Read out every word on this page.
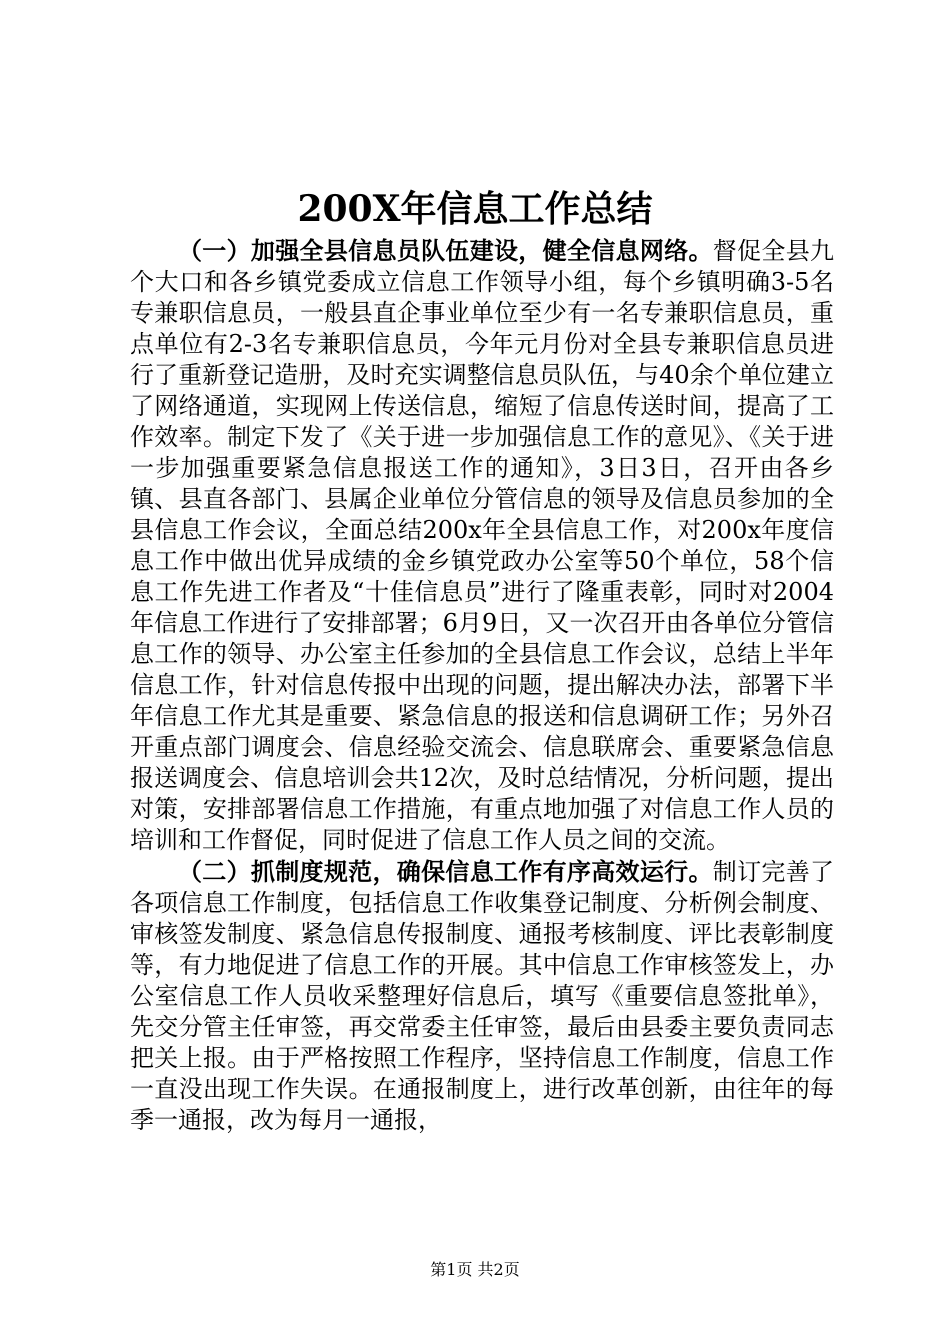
200X年信息工作总结

（一）加强全县信息员队伍建设，健全信息网络。督促全县九个大口和各乡镇党委成立信息工作领导小组，每个乡镇明确3-5名专兼职信息员，一般县直企事业单位至少有一名专兼职信息员，重点单位有2-3名专兼职信息员，今年元月份对全县专兼职信息员进行了重新登记造册，及时充实调整信息员队伍，与40余个单位建立了网络通道，实现网上传送信息，缩短了信息传送时间，提高了工作效率。制定下发了《关于进一步加强信息工作的意见》、《关于进一步加强重要紧急信息报送工作的通知》，3日3日，召开由各乡镇、县直各部门、县属企业单位分管信息的领导及信息员参加的全县信息工作会议，全面总结200x年全县信息工作，对200x年度信息工作中做出优异成绩的金乡镇党政办公室等50个单位，58个信息工作先进工作者及“十佳信息员”进行了隆重表彰，同时对2004年信息工作进行了安排部署；6月9日，又一次召开由各单位分管信息工作的领导、办公室主任参加的全县信息工作会议，总结上半年信息工作，针对信息传报中出现的问题，提出解决办法，部署下半年信息工作尤其是重要、紧急信息的报送和信息调研工作；另外召开重点部门调度会、信息经验交流会、信息联席会、重要紧急信息报送调度会、信息培训会共12次，及时总结情况，分析问题，提出对策，安排部署信息工作措施，有重点地加强了对信息工作人员的培训和工作督促，同时促进了信息工作人员之间的交流。

（二）抓制度规范，确保信息工作有序高效运行。制订完善了各项信息工作制度，包括信息工作收集登记制度、分析例会制度、审核签发制度、紧急信息传报制度、通报考核制度、评比表彰制度等，有力地促进了信息工作的开展。其中信息工作审核签发上，办公室信息工作人员收采整理好信息后，填写《重要信息签批单》，先交分管主任审签，再交常委主任审签，最后由县委主要负责同志把关上报。由于严格按照工作程序，坚持信息工作制度，信息工作一直没出现工作失误。在通报制度上，进行改革创新，由往年的每季一通报，改为每月一通报，

第1页 共2页
